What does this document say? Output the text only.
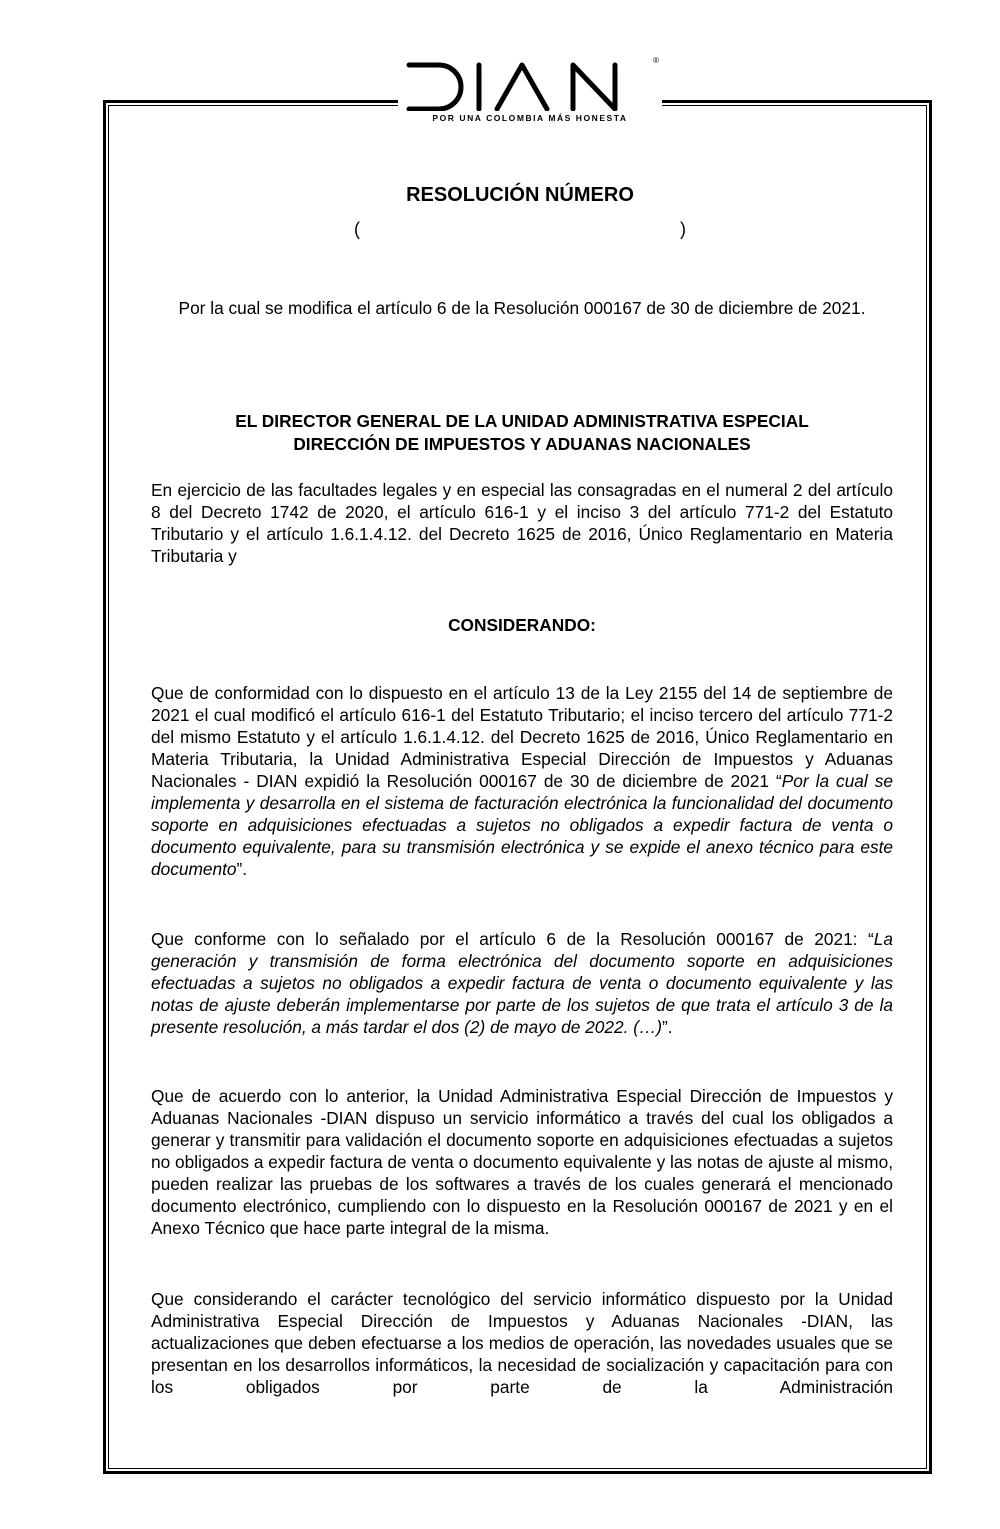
®
POR UNA COLOMBIA MÁS HONESTA
RESOLUCIÓN NÚMERO
(	)
Por la cual se modifica el artículo 6 de la Resolución 000167 de 30 de diciembre de 2021.
EL DIRECTOR GENERAL DE LA UNIDAD ADMINISTRATIVA ESPECIAL
DIRECCIÓN DE IMPUESTOS Y ADUANAS NACIONALES
En ejercicio de las facultades legales y en especial las consagradas en el numeral 2 del artículo 8 del Decreto 1742 de 2020, el artículo 616-1 y el inciso 3 del artículo 771-2 del Estatuto Tributario y el artículo 1.6.1.4.12. del Decreto 1625 de 2016, Único Reglamentario en Materia Tributaria y
CONSIDERANDO:
Que de conformidad con lo dispuesto en el artículo 13 de la Ley 2155 del 14 de septiembre de 2021 el cual modificó el artículo 616-1 del Estatuto Tributario; el inciso tercero del artículo 771-2 del mismo Estatuto y el artículo 1.6.1.4.12. del Decreto 1625 de 2016, Único Reglamentario en Materia Tributaria, la Unidad Administrativa Especial Dirección de Impuestos y Aduanas Nacionales - DIAN expidió la Resolución 000167 de 30 de diciembre de 2021 “Por la cual se implementa y desarrolla en el sistema de facturación electrónica la funcionalidad del documento soporte en adquisiciones efectuadas a sujetos no obligados a expedir factura de venta o documento equivalente, para su transmisión electrónica y se expide el anexo técnico para este documento”.
Que conforme con lo señalado por el artículo 6 de la Resolución 000167 de 2021: “La generación y transmisión de forma electrónica del documento soporte en adquisiciones efectuadas a sujetos no obligados a expedir factura de venta o documento equivalente y las notas de ajuste deberán implementarse por parte de los sujetos de que trata el artículo 3 de la presente resolución, a más tardar el dos (2) de mayo de 2022. (…)”.
Que de acuerdo con lo anterior, la Unidad Administrativa Especial Dirección de Impuestos y Aduanas Nacionales -DIAN dispuso un servicio informático a través del cual los obligados a generar y transmitir para validación el documento soporte en adquisiciones efectuadas a sujetos no obligados a expedir factura de venta o documento equivalente y las notas de ajuste al mismo, pueden realizar las pruebas de los softwares a través de los cuales generará el mencionado documento electrónico, cumpliendo con lo dispuesto en la Resolución 000167 de 2021 y en el Anexo Técnico que hace parte integral de la misma.
Que considerando el carácter tecnológico del servicio informático dispuesto por la Unidad Administrativa Especial Dirección de Impuestos y Aduanas Nacionales -DIAN, las actualizaciones que deben efectuarse a los medios de operación, las novedades usuales que se presentan en los desarrollos informáticos, la necesidad de socialización y capacitación para con los obligados por parte de la Administración
